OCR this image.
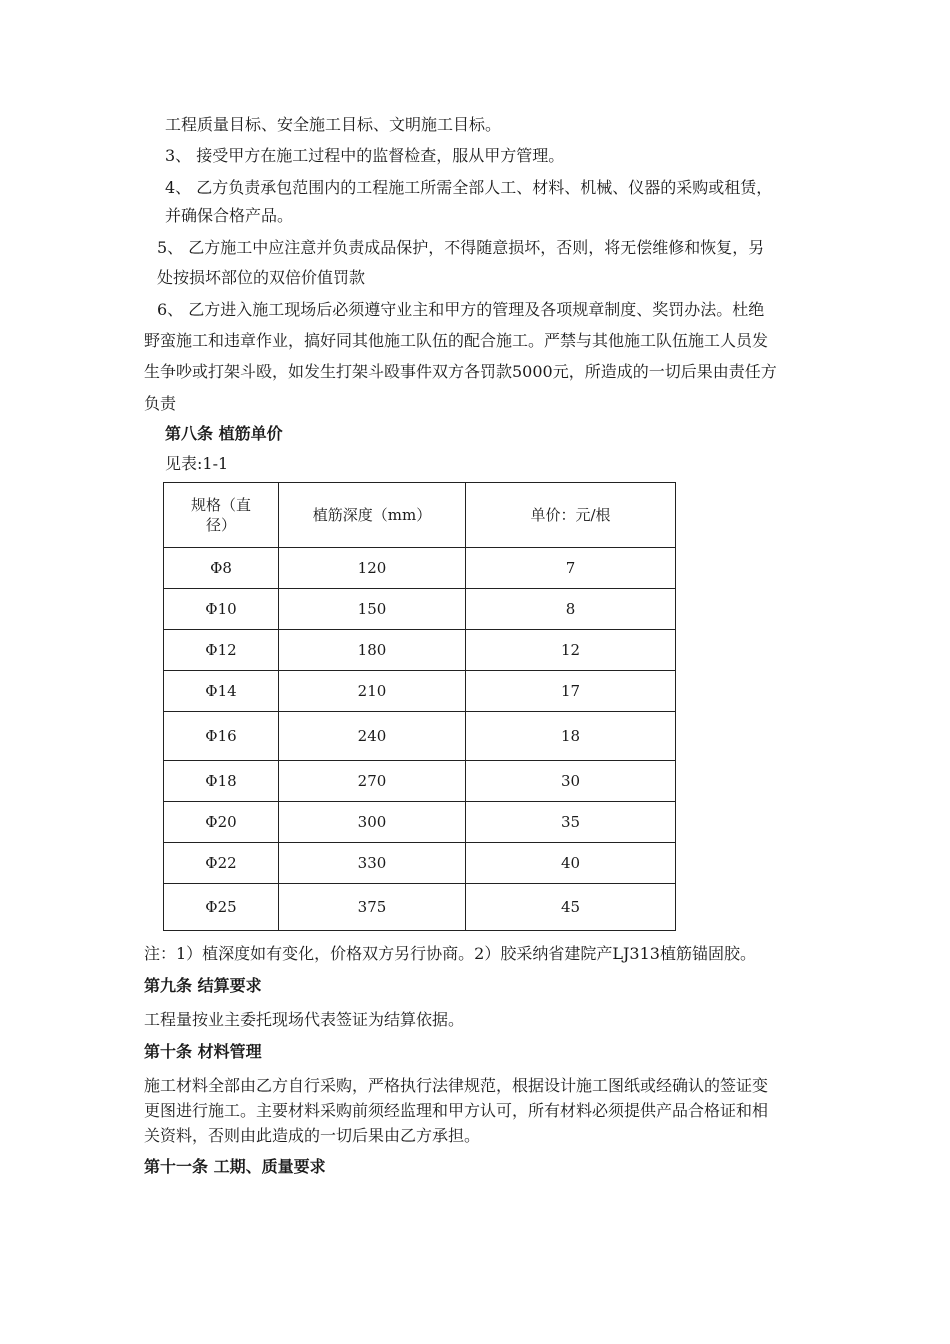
工程质量目标、安全施工目标、文明施工目标。
3、 接受甲方在施工过程中的监督检查，服从甲方管理。
4、 乙方负责承包范围内的工程施工所需全部人工、材料、机械、仪器的采购或租赁，
并确保合格产品。
5、 乙方施工中应注意并负责成品保护，不得随意损坏，否则，将无偿维修和恢复，另
处按损坏部位的双倍价值罚款
6、 乙方进入施工现场后必须遵守业主和甲方的管理及各项规章制度、奖罚办法。杜绝
野蛮施工和违章作业，搞好同其他施工队伍的配合施工。严禁与其他施工队伍施工人员发
生争吵或打架斗殴，如发生打架斗殴事件双方各罚款5000元，所造成的一切后果由责任方
负责
第八条 植筋单价
见表:1-1
规格（直径）	植筋深度（mm）	单价：元/根
Φ8	120	7
Φ10	150	8
Φ12	180	12
Φ14	210	17
Φ16	240	18
Φ18	270	30
Φ20	300	35
Φ22	330	40
Φ25	375	45
注：1）植深度如有变化，价格双方另行协商。2）胶采纳省建院产LJ313植筋锚固胶。
第九条 结算要求
工程量按业主委托现场代表签证为结算依据。
第十条 材料管理
施工材料全部由乙方自行采购，严格执行法律规范，根据设计施工图纸或经确认的签证变
更图进行施工。主要材料采购前须经监理和甲方认可，所有材料必须提供产品合格证和相
关资料，否则由此造成的一切后果由乙方承担。
第十一条 工期、质量要求
